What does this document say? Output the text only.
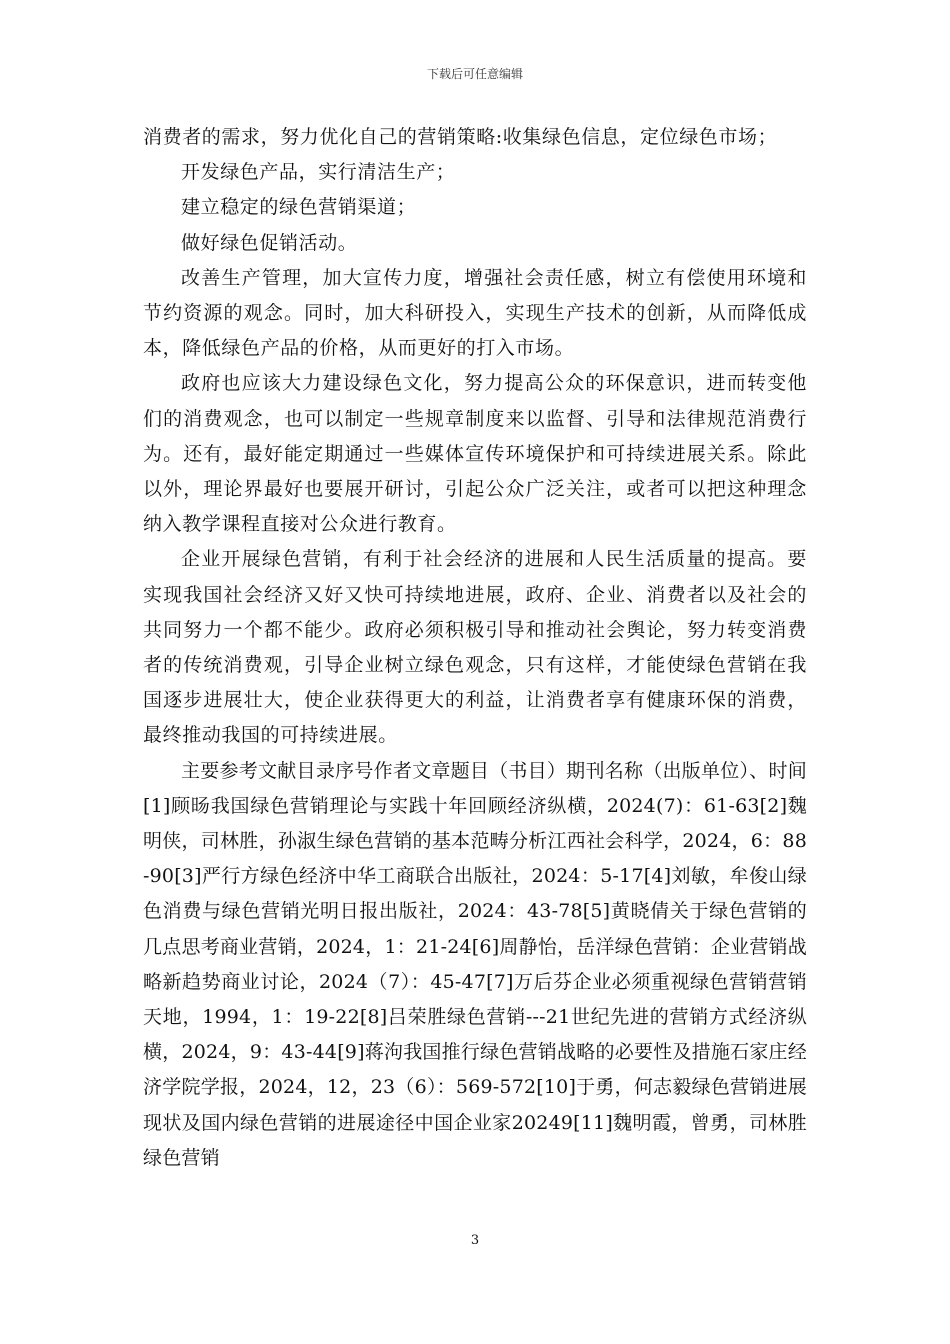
下载后可任意编辑

消费者的需求，努力优化自己的营销策略:收集绿色信息，定位绿色市场；

开发绿色产品，实行清洁生产；

建立稳定的绿色营销渠道；

做好绿色促销活动。

改善生产管理，加大宣传力度，增强社会责任感，树立有偿使用环境和节约资源的观念。同时，加大科研投入，实现生产技术的创新，从而降低成本，降低绿色产品的价格，从而更好的打入市场。

政府也应该大力建设绿色文化，努力提高公众的环保意识，进而转变他们的消费观念，也可以制定一些规章制度来以监督、引导和法律规范消费行为。还有，最好能定期通过一些媒体宣传环境保护和可持续进展关系。除此以外，理论界最好也要展开研讨，引起公众广泛关注，或者可以把这种理念纳入教学课程直接对公众进行教育。

企业开展绿色营销，有利于社会经济的进展和人民生活质量的提高。要实现我国社会经济又好又快可持续地进展，政府、企业、消费者以及社会的共同努力一个都不能少。政府必须积极引导和推动社会舆论，努力转变消费者的传统消费观，引导企业树立绿色观念，只有这样，才能使绿色营销在我国逐步进展壮大，使企业获得更大的利益，让消费者享有健康环保的消费，最终推动我国的可持续进展。

主要参考文献目录序号作者文章题目（书目）期刊名称（出版单位）、时间[1]顾旸我国绿色营销理论与实践十年回顾经济纵横，2024(7)：61-63[2]魏明侠，司林胜，孙淑生绿色营销的基本范畴分析江西社会科学，2024，6：88-90[3]严行方绿色经济中华工商联合出版社，2024：5-17[4]刘敏，牟俊山绿色消费与绿色营销光明日报出版社，2024：43-78[5]黄晓倩关于绿色营销的几点思考商业营销，2024，1：21-24[6]周静怡，岳洋绿色营销：企业营销战略新趋势商业讨论，2024（7）：45-47[7]万后芬企业必须重视绿色营销营销天地，1994，1：19-22[8]吕荣胜绿色营销---21世纪先进的营销方式经济纵横，2024，9：43-44[9]蒋泃我国推行绿色营销战略的必要性及措施石家庄经济学院学报，2024，12，23（6）：569-572[10]于勇，何志毅绿色营销进展现状及国内绿色营销的进展途径中国企业家20249[11]魏明霞，曾勇，司林胜绿色营销

3
